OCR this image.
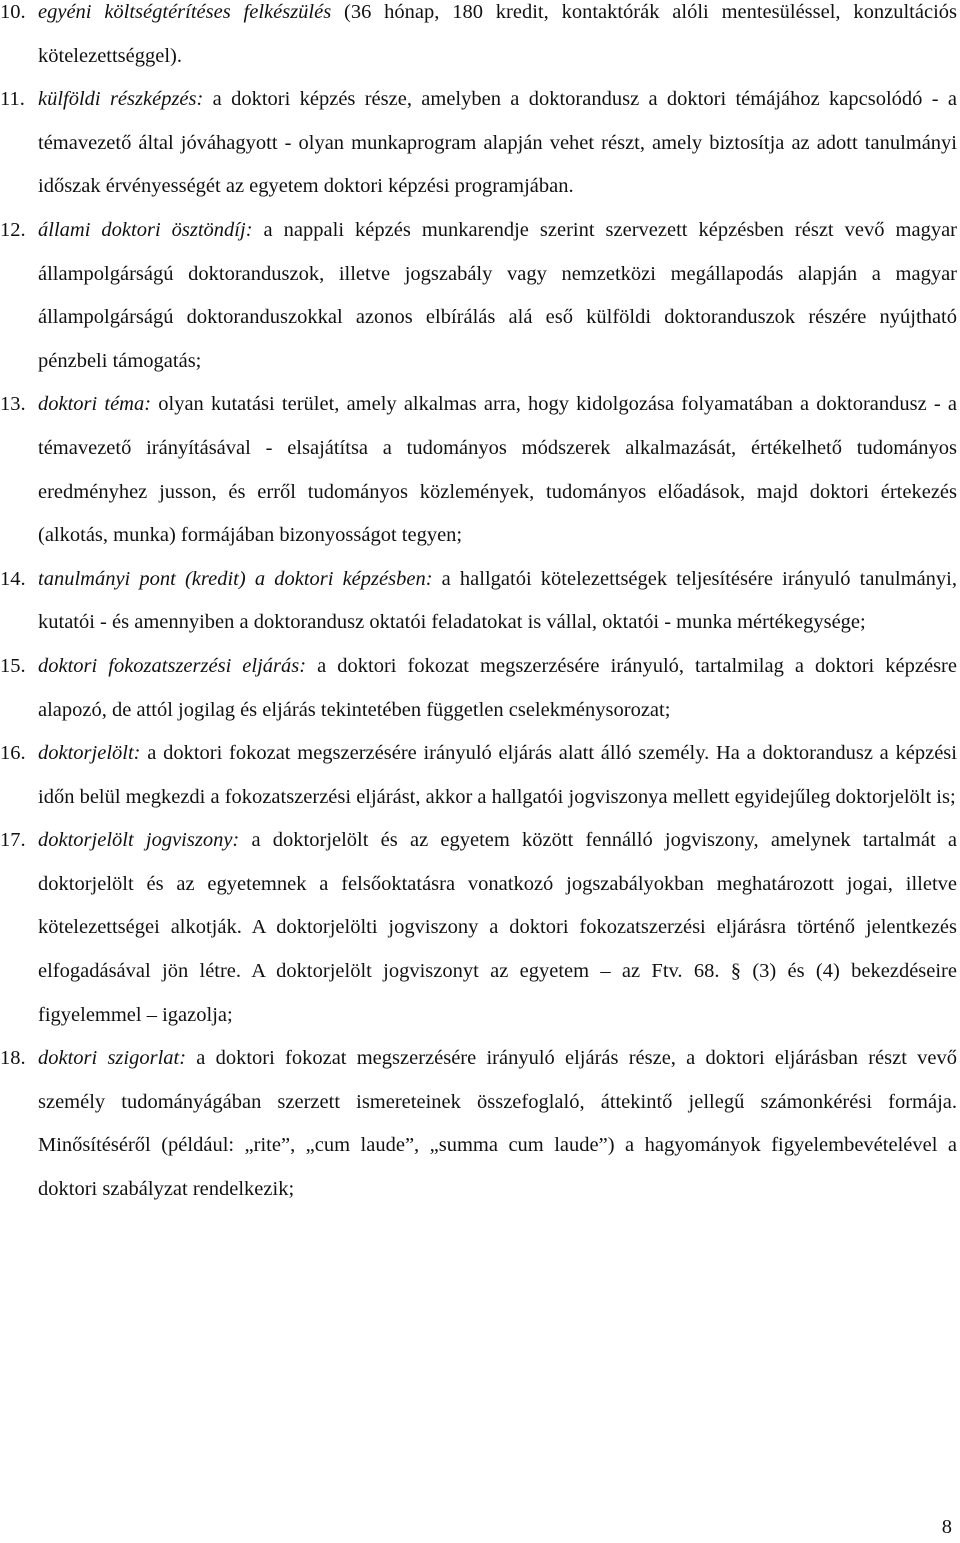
10. egyéni költségtérítéses felkészülés (36 hónap, 180 kredit, kontaktórák alóli mentesüléssel, konzultációs kötelezettséggel).

11. külföldi részképzés: a doktori képzés része, amelyben a doktorandusz a doktori témájához kapcsolódó - a témavezető által jóváhagyott - olyan munkaprogram alapján vehet részt, amely biztosítja az adott tanulmányi időszak érvényességét az egyetem doktori képzési programjában.

12. állami doktori ösztöndíj: a nappali képzés munkarendje szerint szervezett képzésben részt vevő magyar állampolgárságú doktoranduszok, illetve jogszabály vagy nemzetközi megállapodás alapján a magyar állampolgárságú doktoranduszokkal azonos elbírálás alá eső külföldi doktoranduszok részére nyújtható pénzbeli támogatás;

13. doktori téma: olyan kutatási terület, amely alkalmas arra, hogy kidolgozása folyamatában a doktorandusz - a témavezető irányításával - elsajátítsa a tudományos módszerek alkalmazását, értékelhető tudományos eredményhez jusson, és erről tudományos közlemények, tudományos előadások, majd doktori értekezés (alkotás, munka) formájában bizonyosságot tegyen;

14. tanulmányi pont (kredit) a doktori képzésben: a hallgatói kötelezettségek teljesítésére irányuló tanulmányi, kutatói - és amennyiben a doktorandusz oktatói feladatokat is vállal, oktatói - munka mértékegysége;

15. doktori fokozatszerzési eljárás: a doktori fokozat megszerzésére irányuló, tartalmilag a doktori képzésre alapozó, de attól jogilag és eljárás tekintetében független cselekménysorozat;

16. doktorjelölt: a doktori fokozat megszerzésére irányuló eljárás alatt álló személy. Ha a doktorandusz a képzési időn belül megkezdi a fokozatszerzési eljárást, akkor a hallgatói jogviszonya mellett egyidejűleg doktorjelölt is;

17. doktorjelölt jogviszony: a doktorjelölt és az egyetem között fennálló jogviszony, amelynek tartalmát a doktorjelölt és az egyetemnek a felsőoktatásra vonatkozó jogszabályokban meghatározott jogai, illetve kötelezettségei alkotják. A doktorjelölti jogviszony a doktori fokozatszerzési eljárásra történő jelentkezés elfogadásával jön létre. A doktorjelölt jogviszonyt az egyetem – az Ftv. 68. § (3) és (4) bekezdéseire figyelemmel – igazolja;

18. doktori szigorlat: a doktori fokozat megszerzésére irányuló eljárás része, a doktori eljárásban részt vevő személy tudományágában szerzett ismereteinek összefoglaló, áttekintő jellegű számonkérési formája. Minősítéséről (például: „rite”, „cum laude”, „summa cum laude”) a hagyományok figyelembevételével a doktori szabályzat rendelkezik;

8
